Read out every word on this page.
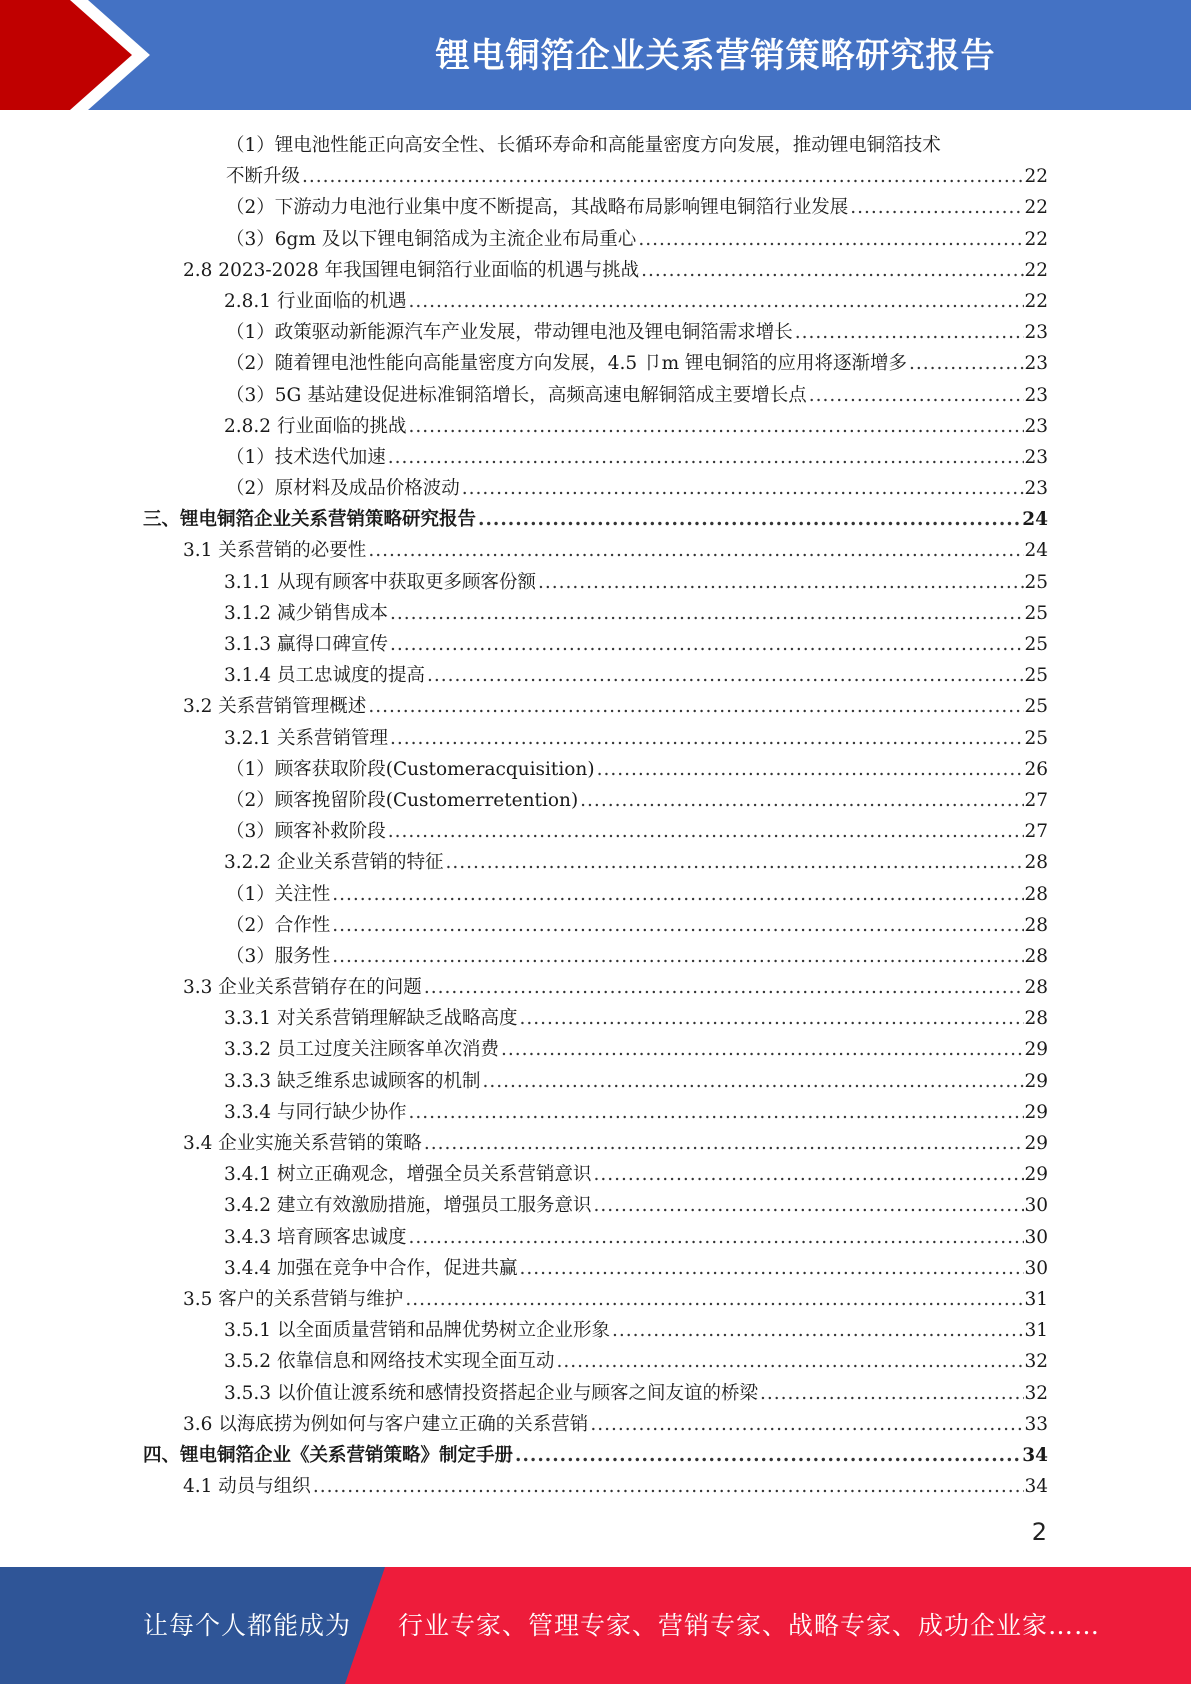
锂电铜箔企业关系营销策略研究报告
（1）锂电池性能正向高安全性、长循环寿命和高能量密度方向发展，推动锂电铜箔技术
不断升级 .....	22
（2）下游动力电池行业集中度不断提高，其战略布局影响锂电铜箔行业发展 .....	22
（3）6gm 及以下锂电铜箔成为主流企业布局重心 .....	22
2.8 2023-2028 年我国锂电铜箔行业面临的机遇与挑战 .....	22
2.8.1 行业面临的机遇 .....	22
（1）政策驱动新能源汽车产业发展，带动锂电池及锂电铜箔需求增长 .....	23
（2）随着锂电池性能向高能量密度方向发展，4.5 卩m 锂电铜箔的应用将逐渐增多 .....	23
（3）5G 基站建设促进标准铜箔增长，高频高速电解铜箔成主要增长点 .....	23
2.8.2 行业面临的挑战 .....	23
（1）技术迭代加速 .....	23
（2）原材料及成品价格波动 .....	23
三、锂电铜箔企业关系营销策略研究报告 .....	24
3.1 关系营销的必要性 .....	24
3.1.1 从现有顾客中获取更多顾客份额 .....	25
3.1.2 减少销售成本 .....	25
3.1.3 赢得口碑宣传 .....	25
3.1.4 员工忠诚度的提高 .....	25
3.2 关系营销管理概述 .....	25
3.2.1 关系营销管理 .....	25
（1）顾客获取阶段(Customeracquisition) .....	26
（2）顾客挽留阶段(Customerretention) .....	27
（3）顾客补救阶段 .....	27
3.2.2 企业关系营销的特征 .....	28
（1）关注性 .....	28
（2）合作性 .....	28
（3）服务性 .....	28
3.3 企业关系营销存在的问题 .....	28
3.3.1 对关系营销理解缺乏战略高度 .....	28
3.3.2 员工过度关注顾客单次消费 .....	29
3.3.3 缺乏维系忠诚顾客的机制 .....	29
3.3.4 与同行缺少协作 .....	29
3.4 企业实施关系营销的策略 .....	29
3.4.1 树立正确观念，增强全员关系营销意识 .....	29
3.4.2 建立有效激励措施，增强员工服务意识 .....	30
3.4.3 培育顾客忠诚度 .....	30
3.4.4 加强在竞争中合作，促进共赢 .....	30
3.5 客户的关系营销与维护 .....	31
3.5.1 以全面质量营销和品牌优势树立企业形象 .....	31
3.5.2 依靠信息和网络技术实现全面互动 .....	32
3.5.3 以价值让渡系统和感情投资搭起企业与顾客之间友谊的桥梁 .....	32
3.6 以海底捞为例如何与客户建立正确的关系营销 .....	33
四、锂电铜箔企业《关系营销策略》制定手册 .....	34
4.1 动员与组织 .....	34
2
让每个人都能成为 行业专家、管理专家、营销专家、战略专家、成功企业家……
